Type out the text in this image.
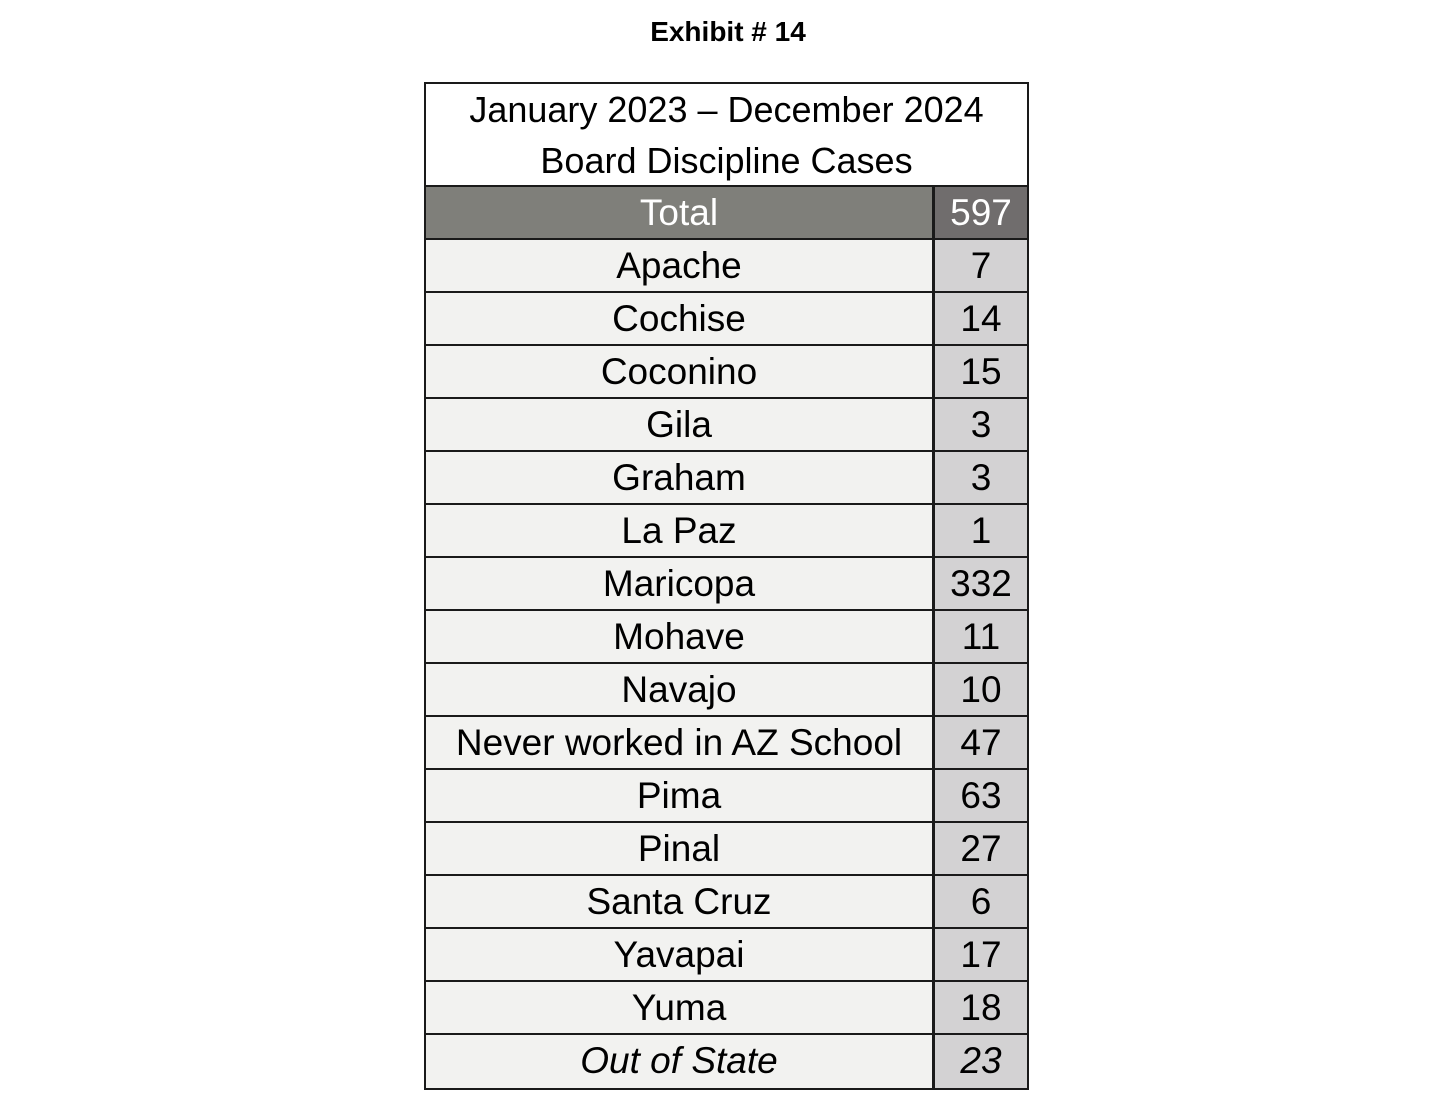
Exhibit # 14
January 2023 – December 2024
Board Discipline Cases
Total	597
Apache	7
Cochise	14
Coconino	15
Gila	3
Graham	3
La Paz	1
Maricopa	332
Mohave	11
Navajo	10
Never worked in AZ School	47
Pima	63
Pinal	27
Santa Cruz	6
Yavapai	17
Yuma	18
Out of State	23
